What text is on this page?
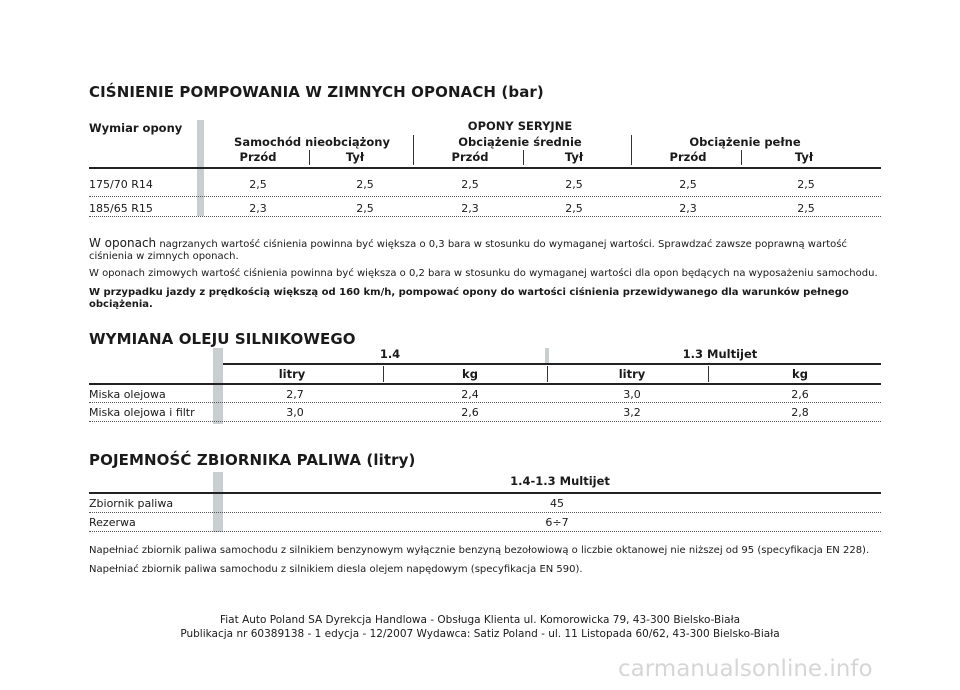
CIŚNIENIE POMPOWANIA W ZIMNYCH OPONACH (bar)
Wymiar opony	OPONY SERYJNE
Samochód nieobciążony	Obciążenie średnie	Obciążenie pełne
Przód	Tył	Przód	Tył	Przód	Tył
175/70 R14	2,5	2,5	2,5	2,5	2,5	2,5
185/65 R15	2,3	2,5	2,3	2,5	2,3	2,5
W oponach nagrzanych wartość ciśnienia powinna być większa o 0,3 bara w stosunku do wymaganej wartości. Sprawdzać zawsze poprawną wartość ciśnienia w zimnych oponach.
W oponach zimowych wartość ciśnienia powinna być większa o 0,2 bara w stosunku do wymaganej wartości dla opon będących na wyposażeniu samochodu.
W przypadku jazdy z prędkością większą od 160 km/h, pompować opony do wartości ciśnienia przewidywanego dla warunków pełnego obciążenia.
WYMIANA OLEJU SILNIKOWEGO
1.4	1.3 Multijet
litry	kg	litry	kg
Miska olejowa	2,7	2,4	3,0	2,6
Miska olejowa i filtr	3,0	2,6	3,2	2,8
POJEMNOŚĆ ZBIORNIKA PALIWA (litry)
1.4-1.3 Multijet
Zbiornik paliwa	45
Rezerwa	6÷7
Napełniać zbiornik paliwa samochodu z silnikiem benzynowym wyłącznie benzyną bezołowiową o liczbie oktanowej nie niższej od 95 (specyfikacja EN 228).
Napełniać zbiornik paliwa samochodu z silnikiem diesla olejem napędowym (specyfikacja EN 590).
Fiat Auto Poland SA Dyrekcja Handlowa - Obsługa Klienta ul. Komorowicka 79, 43-300 Bielsko-Biała
Publikacja nr 60389138 - 1 edycja - 12/2007 Wydawca: Satiz Poland - ul. 11 Listopada 60/62, 43-300 Bielsko-Biała
carmanualsonline.info
